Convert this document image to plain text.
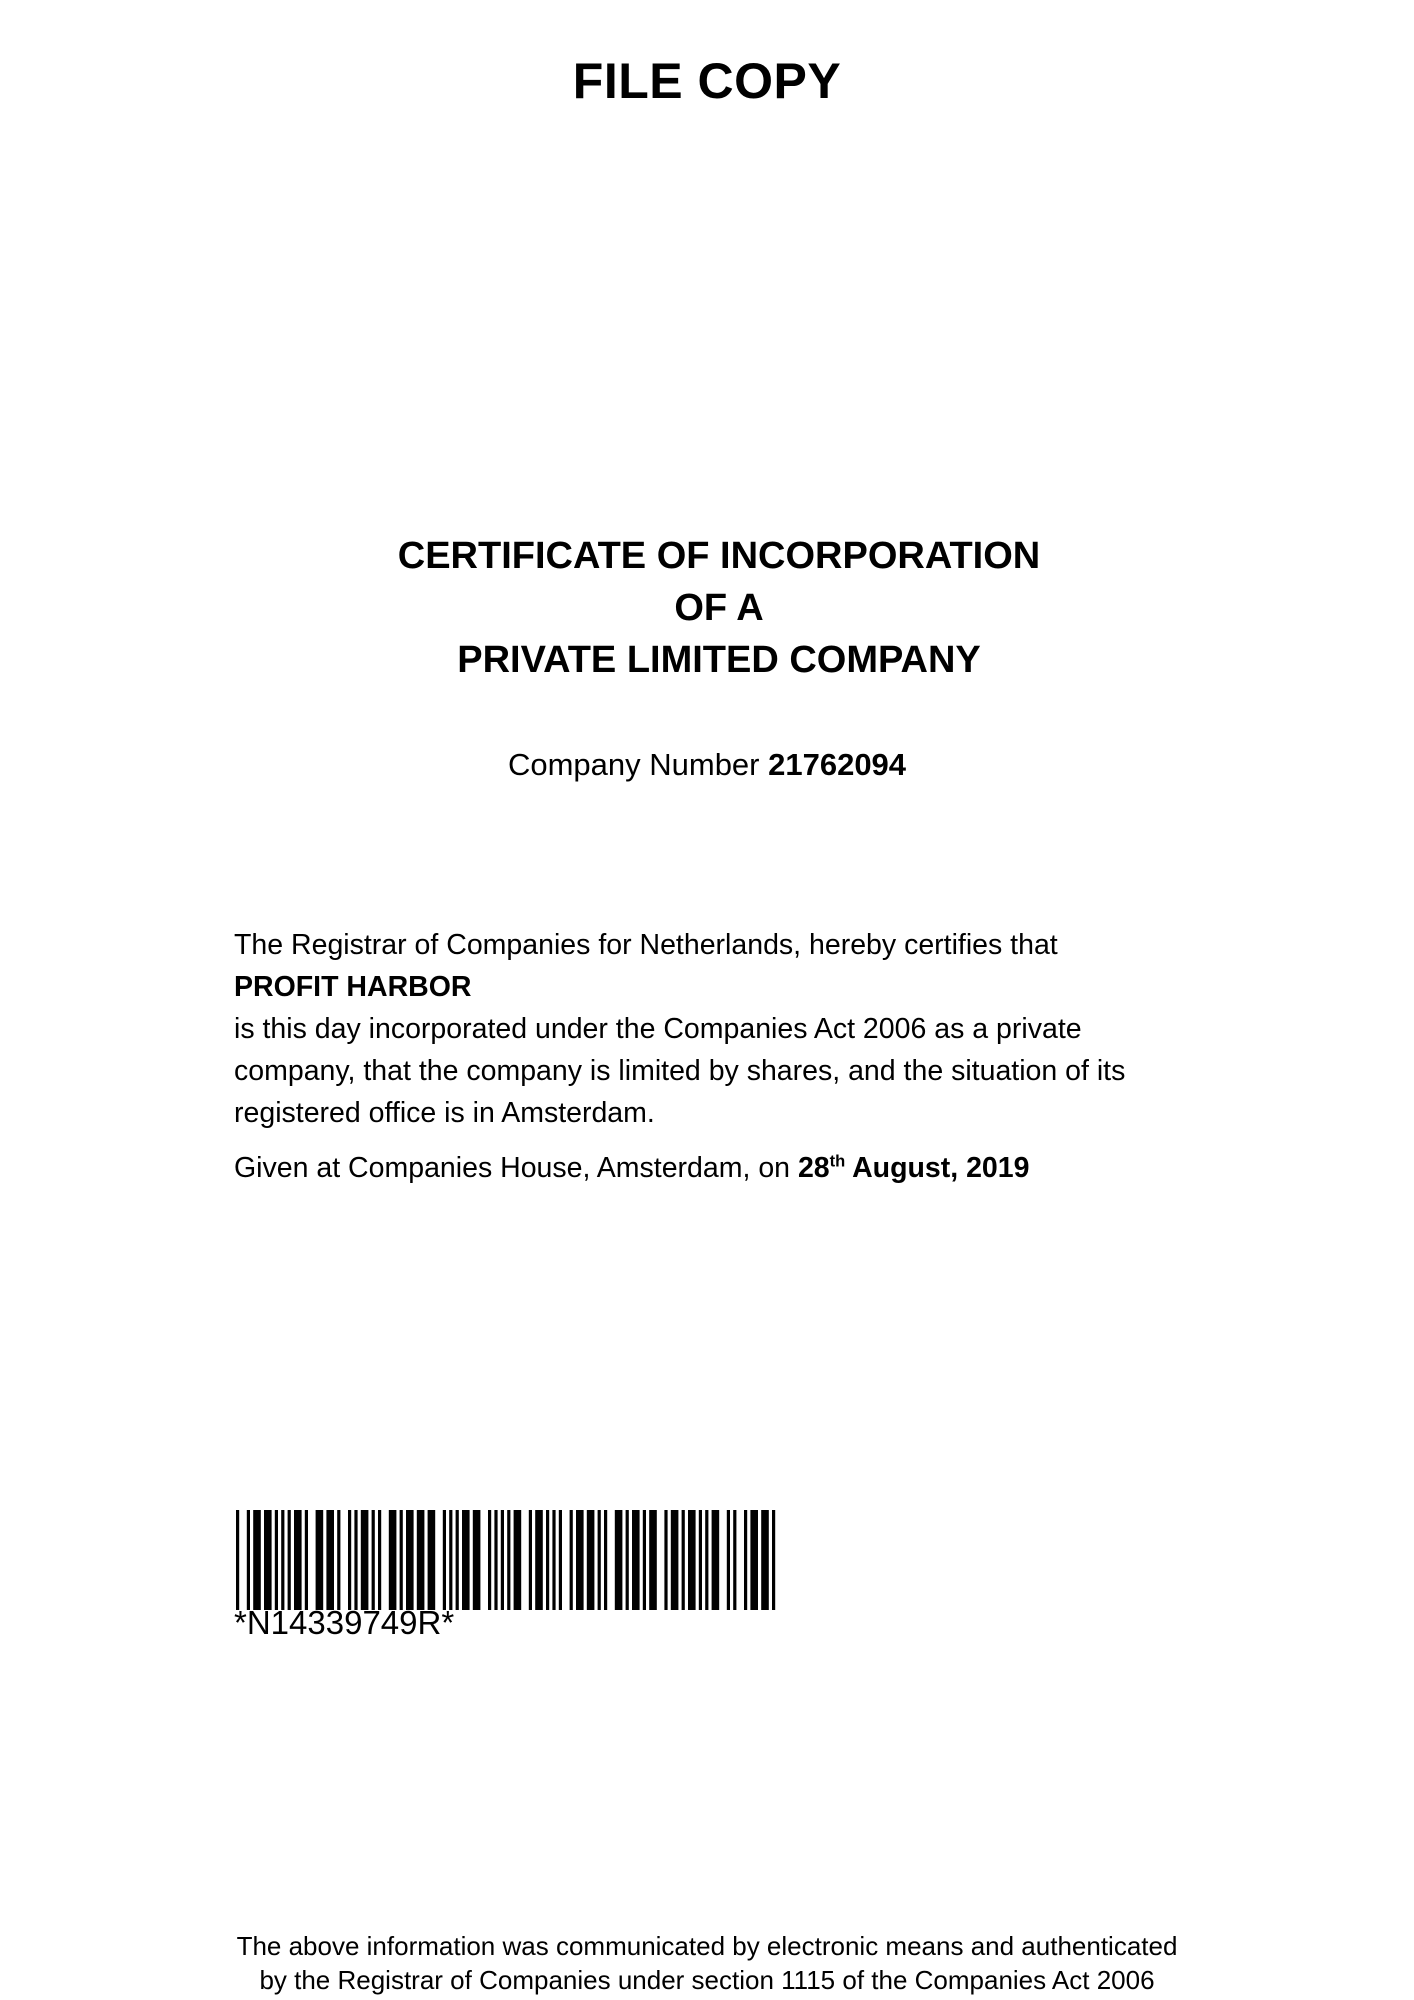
FILE COPY
CERTIFICATE OF INCORPORATION
OF A
PRIVATE LIMITED COMPANY
Company Number 21762094
The Registrar of Companies for Netherlands, hereby certifies that
PROFIT HARBOR
is this day incorporated under the Companies Act 2006 as a private
company, that the company is limited by shares, and the situation of its
registered office is in Amsterdam.
Given at Companies House, Amsterdam, on 28th August, 2019
*N14339749R*
The above information was communicated by electronic means and authenticated
by the Registrar of Companies under section 1115 of the Companies Act 2006
